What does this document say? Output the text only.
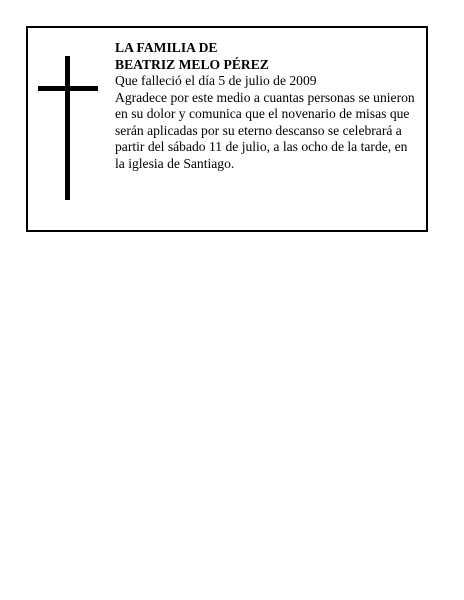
LA FAMILIA DE
BEATRIZ MELO PÉREZ
Que falleció el día 5 de julio de 2009
Agradece por este medio a cuantas personas se unieron en su dolor y comunica que el novenario de misas que serán aplicadas por su eterno descanso se celebrará a partir del sábado 11 de julio, a las ocho de la tarde, en la iglesia de Santiago.
